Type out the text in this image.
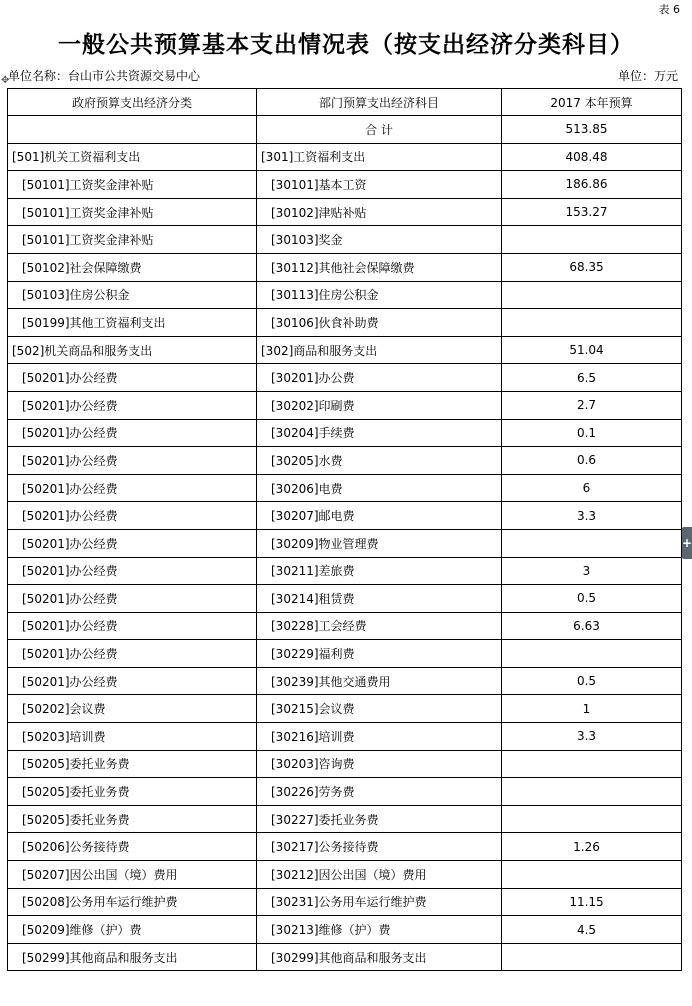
表 6
一般公共预算基本支出情况表（按支出经济分类科目）
✥
单位名称：台山市公共资源交易中心	单位：万元
政府预算支出经济分类	部门预算支出经济科目	2017 本年预算
	合 计	513.85
[501]机关工资福利支出	[301]工资福利支出	408.48
[50101]工资奖金津补贴	[30101]基本工资	186.86
[50101]工资奖金津补贴	[30102]津贴补贴	153.27
[50101]工资奖金津补贴	[30103]奖金	
[50102]社会保障缴费	[30112]其他社会保障缴费	68.35
[50103]住房公积金	[30113]住房公积金	
[50199]其他工资福利支出	[30106]伙食补助费	
[502]机关商品和服务支出	[302]商品和服务支出	51.04
[50201]办公经费	[30201]办公费	6.5
[50201]办公经费	[30202]印刷费	2.7
[50201]办公经费	[30204]手续费	0.1
[50201]办公经费	[30205]水费	0.6
[50201]办公经费	[30206]电费	6
[50201]办公经费	[30207]邮电费	3.3
[50201]办公经费	[30209]物业管理费	
[50201]办公经费	[30211]差旅费	3
[50201]办公经费	[30214]租赁费	0.5
[50201]办公经费	[30228]工会经费	6.63
[50201]办公经费	[30229]福利费	
[50201]办公经费	[30239]其他交通费用	0.5
[50202]会议费	[30215]会议费	1
[50203]培训费	[30216]培训费	3.3
[50205]委托业务费	[30203]咨询费	
[50205]委托业务费	[30226]劳务费	
[50205]委托业务费	[30227]委托业务费	
[50206]公务接待费	[30217]公务接待费	1.26
[50207]因公出国（境）费用	[30212]因公出国（境）费用	
[50208]公务用车运行维护费	[30231]公务用车运行维护费	11.15
[50209]维修（护）费	[30213]维修（护）费	4.5
[50299]其他商品和服务支出	[30299]其他商品和服务支出	
+
